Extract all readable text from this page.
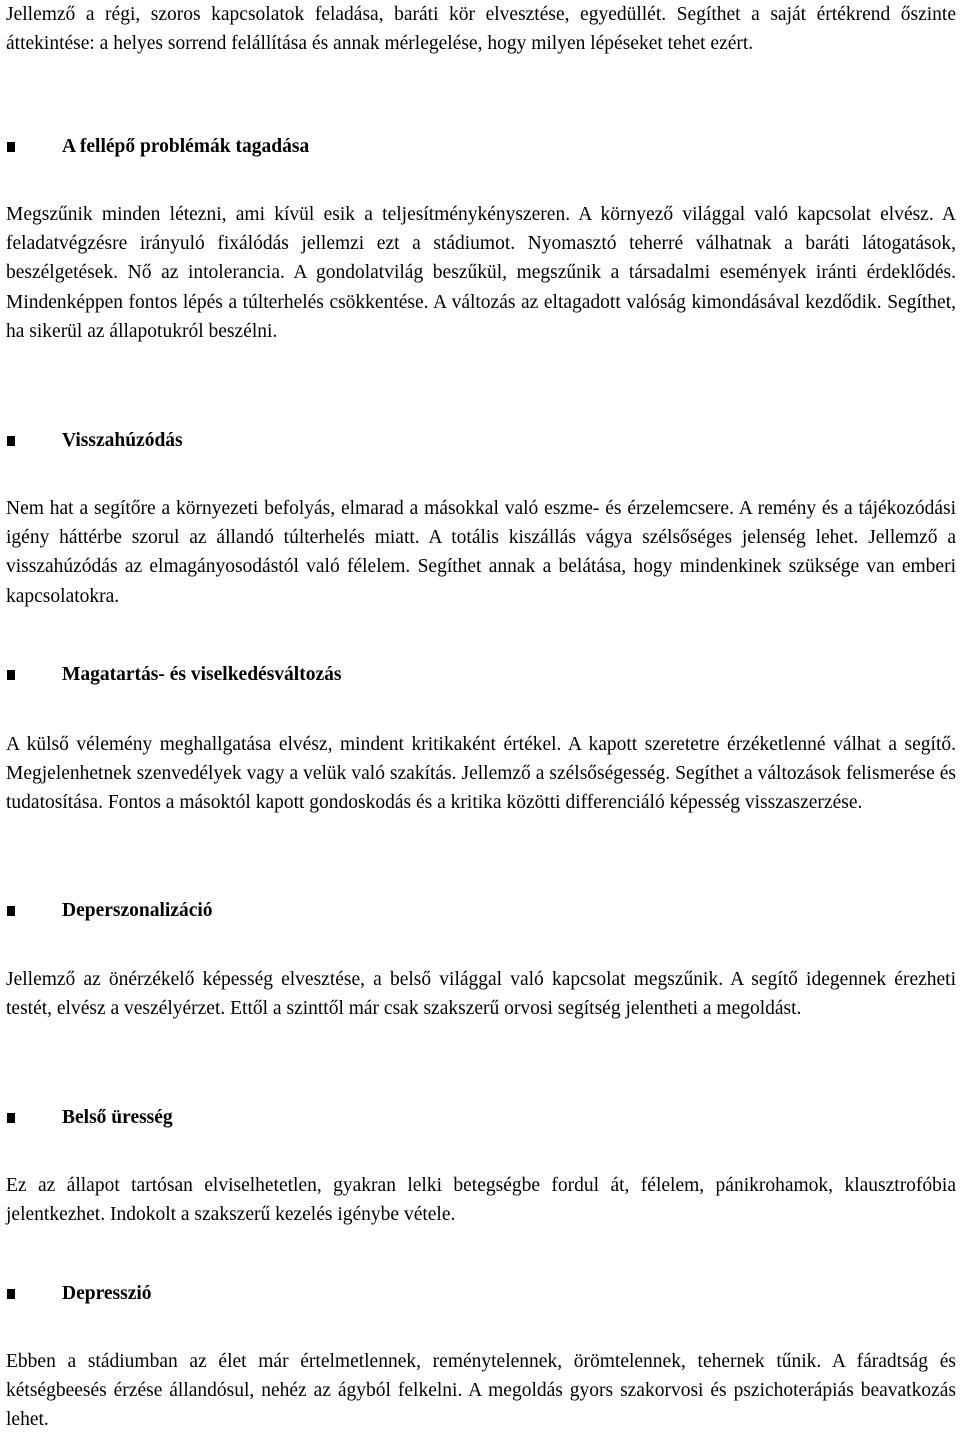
Jellemző a régi, szoros kapcsolatok feladása, baráti kör elvesztése, egyedüllét. Segíthet a saját értékrend őszinte áttekintése: a helyes sorrend felállítása és annak mérlegelése, hogy milyen lépéseket tehet ezért.

A fellépő problémák tagadása

Megszűnik minden létezni, ami kívül esik a teljesítménykényszeren. A környező világgal való kapcsolat elvész. A feladatvégzésre irányuló fixálódás jellemzi ezt a stádiumot. Nyomasztó teherré válhatnak a baráti látogatások, beszélgetések. Nő az intolerancia. A gondolatvilág beszűkül, megszűnik a társadalmi események iránti érdeklődés. Mindenképpen fontos lépés a túlterhelés csökkentése. A változás az eltagadott valóság kimondásával kezdődik. Segíthet, ha sikerül az állapotukról beszélni.

Visszahúzódás

Nem hat a segítőre a környezeti befolyás, elmarad a másokkal való eszme- és érzelemcsere. A remény és a tájékozódási igény háttérbe szorul az állandó túlterhelés miatt. A totális kiszállás vágya szélsőséges jelenség lehet. Jellemző a visszahúzódás az elmagányosodástól való félelem. Segíthet annak a belátása, hogy mindenkinek szüksége van emberi kapcsolatokra.

Magatartás- és viselkedésváltozás

A külső vélemény meghallgatása elvész, mindent kritikaként értékel. A kapott szeretetre érzéketlenné válhat a segítő. Megjelenhetnek szenvedélyek vagy a velük való szakítás. Jellemző a szélsőségesség. Segíthet a változások felismerése és tudatosítása. Fontos a másoktól kapott gondoskodás és a kritika közötti differenciáló képesség visszaszerzése.

Deperszonalizáció

Jellemző az önérzékelő képesség elvesztése, a belső világgal való kapcsolat megszűnik. A segítő idegennek érezheti testét, elvész a veszélyérzet. Ettől a szinttől már csak szakszerű orvosi segítség jelentheti a megoldást.

Belső üresség

Ez az állapot tartósan elviselhetetlen, gyakran lelki betegségbe fordul át, félelem, pánikrohamok, klausztrofóbia jelentkezhet. Indokolt a szakszerű kezelés igénybe vétele.

Depresszió

Ebben a stádiumban az élet már értelmetlennek, reménytelennek, örömtelennek, tehernek tűnik. A fáradtság és kétségbeesés érzése állandósul, nehéz az ágyból felkelni. A megoldás gyors szakorvosi és pszichoterápiás beavatkozás lehet.
